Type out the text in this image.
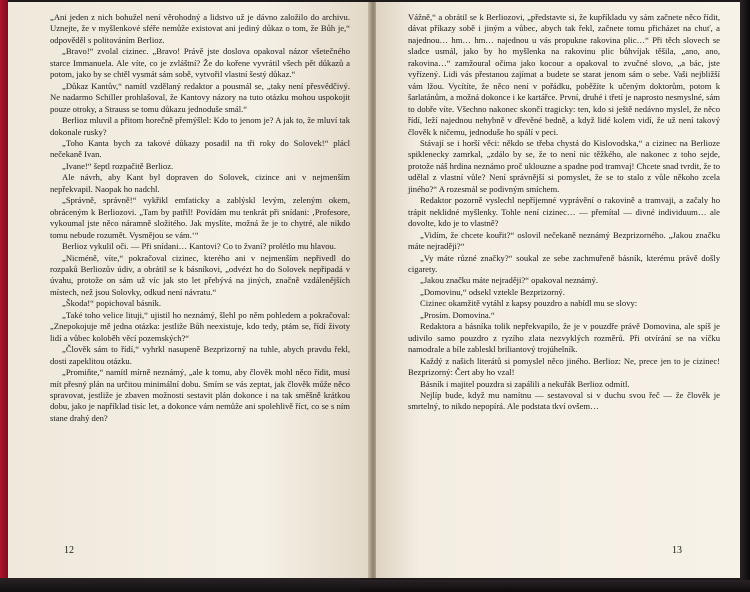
„Ani jeden z nich bohužel není věrohodný a lidstvo už je dávno založilo do archivu. Uznejte, že v myšlenkové sféře nemůže existovat ani jediný důkaz o tom, že Bůh je,“ odpověděl s politováním Berlioz.

„Bravo!“ zvolal cizinec. „Bravo! Právě jste doslova opakoval názor všetečného starce Immanuela. Ale víte, co je zvláštní? Že do kořene vyvrátil všech pět důkazů a potom, jako by se chtěl vysmát sám sobě, vytvořil vlastní šestý důkaz.“

„Důkaz Kantův,“ namítl vzdělaný redaktor a pousmál se, „taky není přesvědčivý. Ne nadarmo Schiller prohlašoval, že Kantovy názory na tuto otázku mohou uspokojit pouze otroky, a Strauss se tomu důkazu jednoduše smál.“

Berlioz mluvil a přitom horečně přemýšlel: Kdo to jenom je? A jak to, že mluví tak dokonale rusky?

„Toho Kanta bych za takové důkazy posadil na tři roky do Solovek!“ plácl nečekaně Ivan.

„Ivane!“ šeptl rozpačitě Berlioz.

Ale návrh, aby Kant byl dopraven do Solovek, cizince ani v nejmenším nepřekvapil. Naopak ho nadchl.

„Správně, správně!“ vykřikl emfaticky a zablýskl levým, zeleným okem, obráceným k Berliozovi. „Tam by patřil! Povídám mu tenkrát při snídani: ‚Profesore, vykoumal jste něco náramně složitého. Jak myslíte, možná že je to chytré, ale nikdo tomu nebude rozumět. Vysmějou se vám.‘“

Berlioz vykulil oči. — Při snídani… Kantovi? Co to žvaní? prolétlo mu hlavou.

„Nicméně, víte,“ pokračoval cizinec, kterého ani v nejmenším nepřivedl do rozpaků Berliozův údiv, a obrátil se k básníkovi, „odvézt ho do Solovek nepřipadá v úvahu, protože on sám už víc jak sto let přebývá na jiných, značně vzdálenějších místech, než jsou Solovky, odkud není návratu.“

„Škoda!“ popichoval básník.

„Také toho velice lituji,“ ujistil ho neznámý, šlehl po něm pohledem a pokračoval: „Znepokojuje mě jedna otázka: jestliže Bůh neexistuje, kdo tedy, ptám se, řídí životy lidí a vůbec koloběh věcí pozemských?“

„Člověk sám to řídí,“ vyhrkl nasupeně Bezprizorný na tuhle, abych pravdu řekl, dosti zapeklitou otázku.

„Promiňte,“ namítl mírně neznámý, „ale k tomu, aby člověk mohl něco řídit, musí mít přesný plán na určitou minimální dobu. Smím se vás zeptat, jak člověk může něco spravovat, jestliže je zbaven možnosti sestavit plán dokonce i na tak směšně krátkou dobu, jako je například tisíc let, a dokonce vám nemůže ani spolehlivě říct, co se s ním stane drahý den?

12

Vážně,“ a obrátil se k Berliozovi, „představte si, že kupříkladu vy sám začnete něco řídit, dávat příkazy sobě i jiným a vůbec, abych tak řekl, začnete tomu přicházet na chuť, a najednou… hm… hm… najednou u vás propukne rakovina plic…“ Při těch slovech se sladce usmál, jako by ho myšlenka na rakovinu plic bůhvíjak těšila, „ano, ano, rakovina…“ zamžoural očima jako kocour a opakoval to zvučné slovo, „a bác, jste vyřízený. Lidi vás přestanou zajímat a budete se starat jenom sám o sebe. Vaši nejbližší vám lžou. Vycítíte, že něco není v pořádku, poběžíte k učeným doktorům, potom k šarlatánům, a možná dokonce i ke kartářce. První, druhé i třetí je naprosto nesmyslné, sám to dobře víte. Všechno nakonec skončí tragicky: ten, kdo si ještě nedávno myslel, že něco řídí, leží najednou nehybně v dřevěné bedně, a když lidé kolem vidí, že už není takový člověk k ničemu, jednoduše ho spálí v peci.

Stávají se i horší věci: někdo se třeba chystá do Kislovodska,“ a cizinec na Berlioze spiklenecky zamrkal, „zdálo by se, že to není nic těžkého, ale nakonec z toho sejde, protože náš hrdina neznámo proč uklouzne a spadne pod tramvaj! Chcete snad tvrdit, že to udělal z vlastní vůle? Není správnější si pomyslet, že se to stalo z vůle někoho zcela jiného?“ A rozesmál se podivným smíchem.

Redaktor pozorně vyslechl nepříjemné vyprávění o rakovině a tramvaji, a začaly ho trápit neklidné myšlenky. Tohle není cizinec… — přemítal — divné individuum… ale dovolte, kdo je to vlastně?

„Vidím, že chcete kouřit?“ oslovil nečekaně neznámý Bezprizorného. „Jakou značku máte nejraději?“

„Vy máte různé značky?“ soukal ze sebe zachmuřeně básník, kterému právě došly cigarety.

„Jakou značku máte nejraději?“ opakoval neznámý.

„Domovinu,“ odsekl vztekle Bezprizorný.

Cizinec okamžitě vytáhl z kapsy pouzdro a nabídl mu se slovy:

„Prosím. Domovina.“

Redaktora a básníka tolik nepřekvapilo, že je v pouzdře právě Domovina, ale spíš je udivilo samo pouzdro z ryzího zlata nezvyklých rozměrů. Při otvírání se na víčku namodrale a bíle zableskl briliantový trojúhelník.

Každý z našich literátů si pomyslel něco jiného. Berlioz: Ne, prece jen to je cizinec! Bezprizorný: Čert aby ho vzal!

Básník i majitel pouzdra si zapálili a nekuřák Berlioz odmítl.

Nejlíp bude, když mu namítnu — sestavoval si v duchu svou řeč — že člověk je smrtelný, to nikdo nepopírá. Ale podstata tkví ovšem…

13
